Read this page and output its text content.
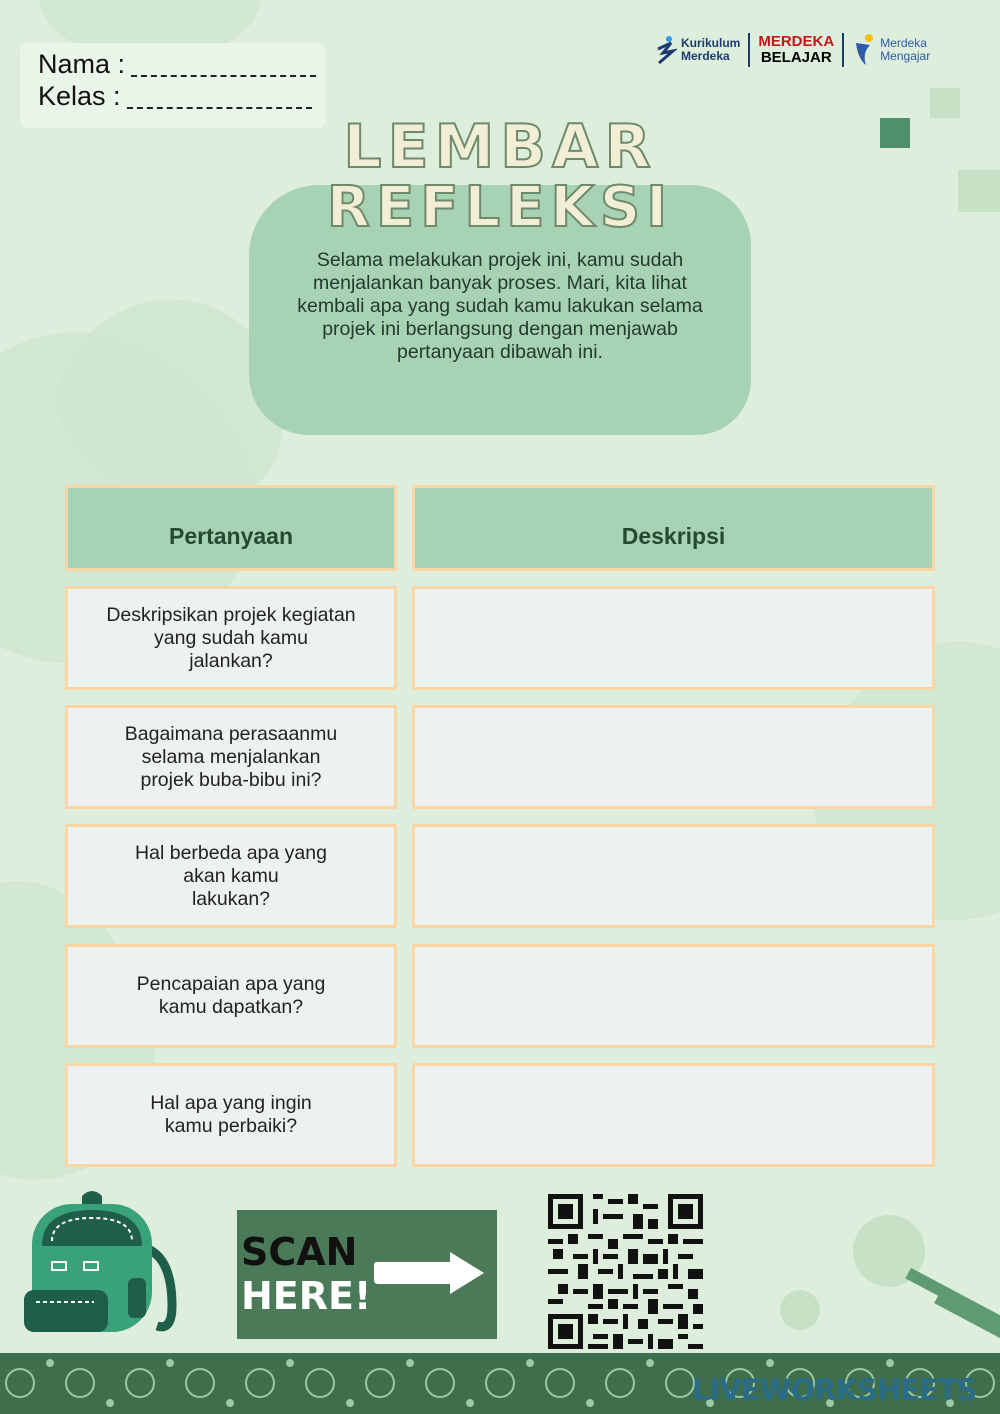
Nama :
Kelas :
Kurikulum
Merdeka
MERDEKA
BELAJAR
Merdeka
Mengajar
LEMBAR
REFLEKSI
Selama melakukan projek ini, kamu sudah menjalankan banyak proses. Mari, kita lihat kembali apa yang sudah kamu lakukan selama projek ini berlangsung dengan menjawab pertanyaan dibawah ini.
Pertanyaan	Deskripsi
Deskripsikan projek kegiatan
yang sudah kamu
jalankan?
Bagaimana perasaanmu
selama menjalankan
projek buba-bibu ini?
Hal berbeda apa yang
akan kamu
lakukan?
Pencapaian apa yang
kamu dapatkan?
Hal apa yang ingin
kamu perbaiki?
SCAN
HERE!
LIVEWORKSHEETS
